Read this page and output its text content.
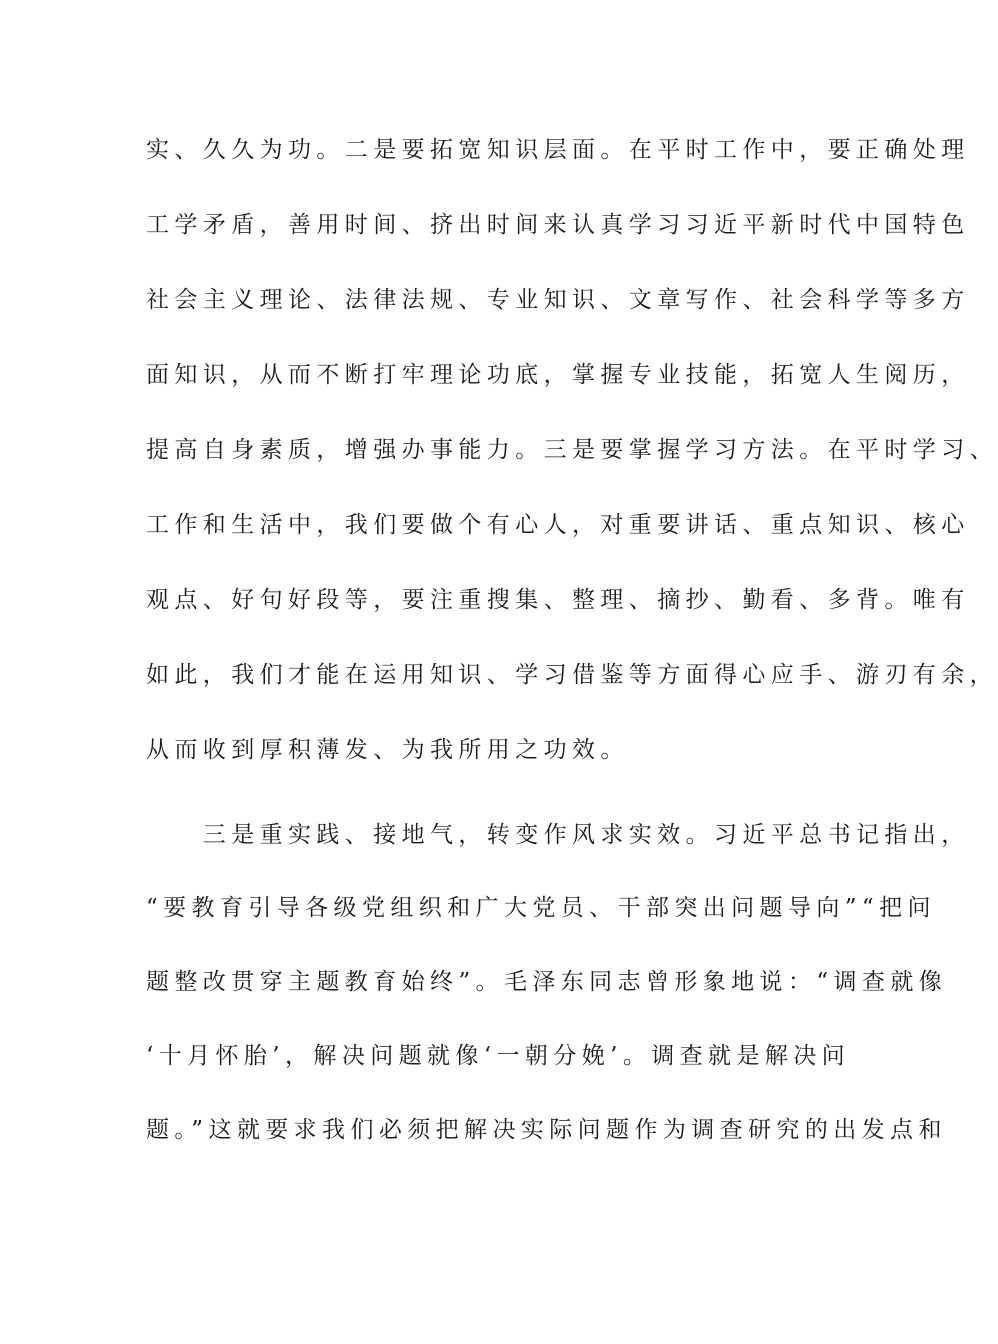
实、久久为功。二是要拓宽知识层面。在平时工作中，要正确处理
工学矛盾，善用时间、挤出时间来认真学习习近平新时代中国特色
社会主义理论、法律法规、专业知识、文章写作、社会科学等多方
面知识，从而不断打牢理论功底，掌握专业技能，拓宽人生阅历，
提高自身素质，增强办事能力。三是要掌握学习方法。在平时学习、
工作和生活中，我们要做个有心人，对重要讲话、重点知识、核心
观点、好句好段等，要注重搜集、整理、摘抄、勤看、多背。唯有
如此，我们才能在运用知识、学习借鉴等方面得心应手、游刃有余，
从而收到厚积薄发、为我所用之功效。
　　三是重实践、接地气，转变作风求实效。习近平总书记指出，
“要教育引导各级党组织和广大党员、干部突出问题导向”“把问
题整改贯穿主题教育始终”。毛泽东同志曾形象地说：“调查就像
‘十月怀胎’，解决问题就像‘一朝分娩’。调查就是解决问
题。”这就要求我们必须把解决实际问题作为调查研究的出发点和
